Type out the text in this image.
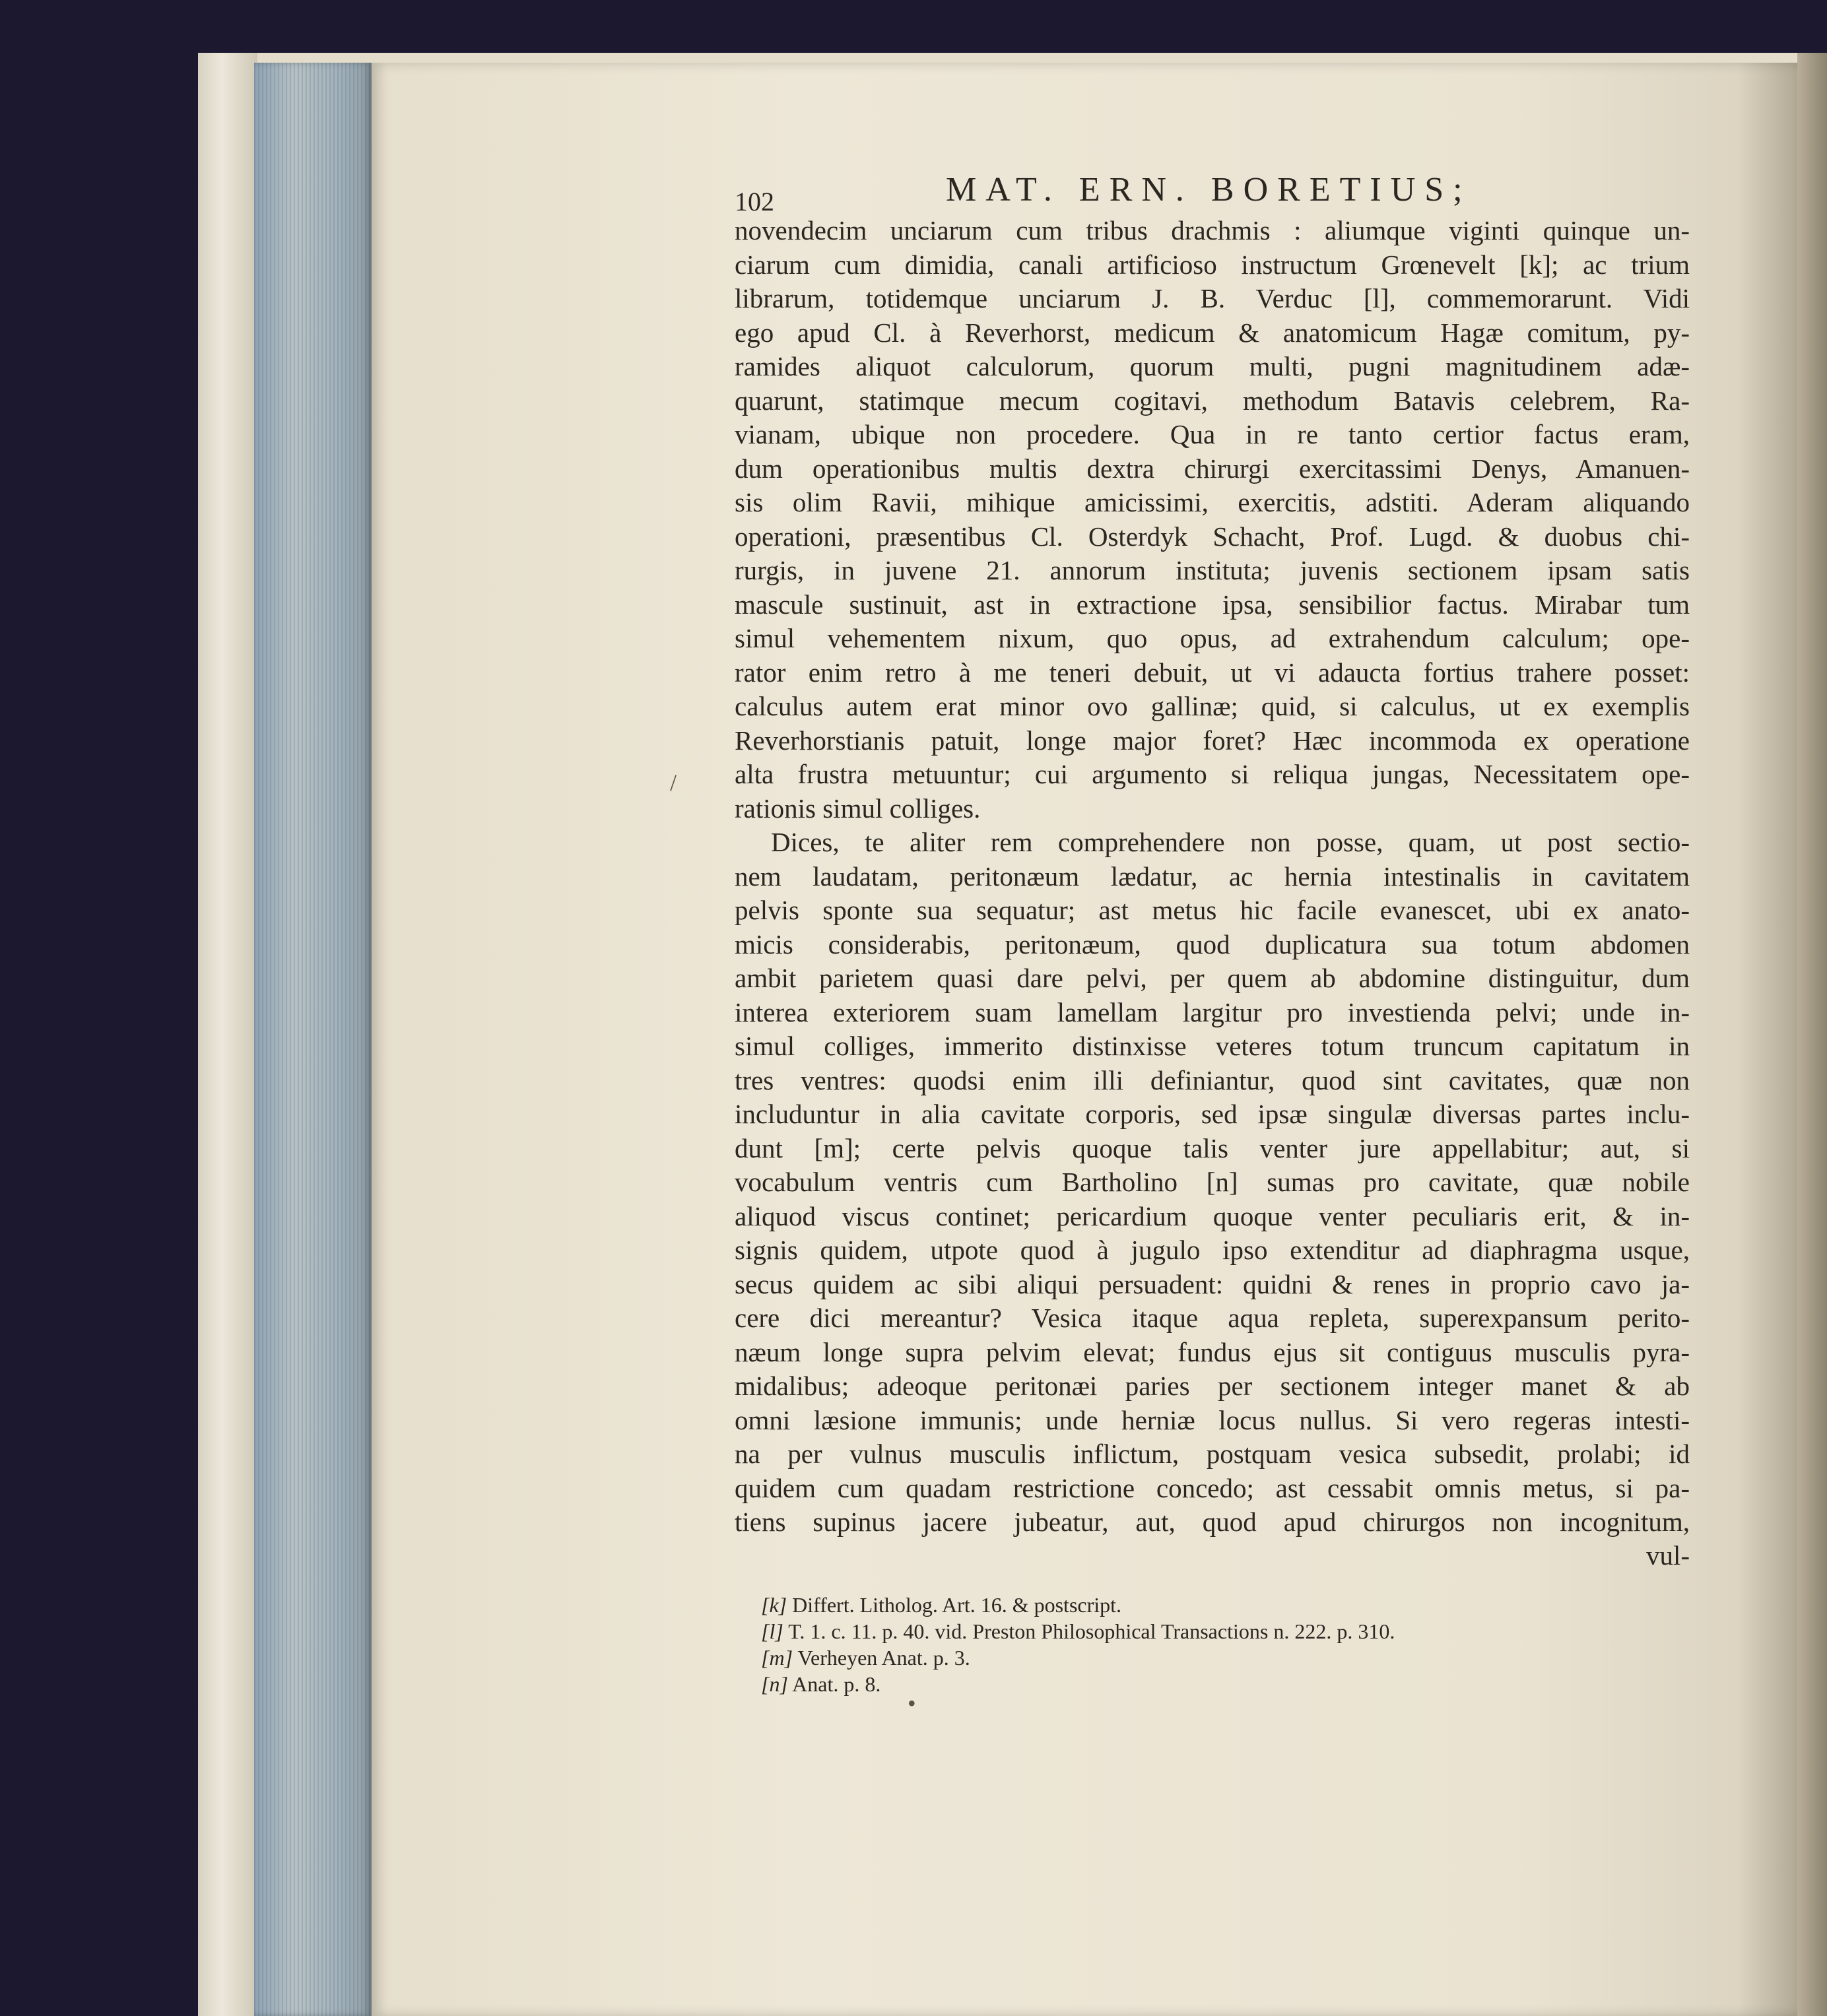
102	MAT. ERN. BORETIUS;
novendecim unciarum cum tribus drachmis : aliumque viginti quinque un-
ciarum cum dimidia, canali artificioso instructum Grœnevelt [k]; ac trium
librarum, totidemque unciarum J. B. Verduc [l], commemorarunt. Vidi
ego apud Cl. à Reverhorst, medicum & anatomicum Hagæ comitum, py-
ramides aliquot calculorum, quorum multi, pugni magnitudinem adæ-
quarunt, statimque mecum cogitavi, methodum Batavis celebrem, Ra-
vianam, ubique non procedere. Qua in re tanto certior factus eram,
dum operationibus multis dextra chirurgi exercitassimi Denys, Amanuen-
sis olim Ravii, mihique amicissimi, exercitis, adstiti. Aderam aliquando
operationi, præsentibus Cl. Osterdyk Schacht, Prof. Lugd. & duobus chi-
rurgis, in juvene 21. annorum instituta; juvenis sectionem ipsam satis
mascule sustinuit, ast in extractione ipsa, sensibilior factus. Mirabar tum
simul vehementem nixum, quo opus, ad extrahendum calculum; ope-
rator enim retro à me teneri debuit, ut vi adaucta fortius trahere posset:
calculus autem erat minor ovo gallinæ; quid, si calculus, ut ex exemplis
Reverhorstianis patuit, longe major foret? Hæc incommoda ex operatione
alta frustra metuuntur; cui argumento si reliqua jungas, Necessitatem ope-
rationis simul colliges.
Dices, te aliter rem comprehendere non posse, quam, ut post sectio-
nem laudatam, peritonæum lædatur, ac hernia intestinalis in cavitatem
pelvis sponte sua sequatur; ast metus hic facile evanescet, ubi ex anato-
micis considerabis, peritonæum, quod duplicatura sua totum abdomen
ambit parietem quasi dare pelvi, per quem ab abdomine distinguitur, dum
interea exteriorem suam lamellam largitur pro investienda pelvi; unde in-
simul colliges, immerito distinxisse veteres totum truncum capitatum in
tres ventres: quodsi enim illi definiantur, quod sint cavitates, quæ non
includuntur in alia cavitate corporis, sed ipsæ singulæ diversas partes inclu-
dunt [m]; certe pelvis quoque talis venter jure appellabitur; aut, si
vocabulum ventris cum Bartholino [n] sumas pro cavitate, quæ nobile
aliquod viscus continet; pericardium quoque venter peculiaris erit, & in-
signis quidem, utpote quod à jugulo ipso extenditur ad diaphragma usque,
secus quidem ac sibi aliqui persuadent: quidni & renes in proprio cavo ja-
cere dici mereantur? Vesica itaque aqua repleta, superexpansum perito-
næum longe supra pelvim elevat; fundus ejus sit contiguus musculis pyra-
midalibus; adeoque peritonæi paries per sectionem integer manet & ab
omni læsione immunis; unde herniæ locus nullus. Si vero regeras intesti-
na per vulnus musculis inflictum, postquam vesica subsedit, prolabi; id
quidem cum quadam restrictione concedo; ast cessabit omnis metus, si pa-
tiens supinus jacere jubeatur, aut, quod apud chirurgos non incognitum,
vul-
[k] Differt. Litholog. Art. 16. & postscript.
[l] T. 1. c. 11. p. 40. vid. Preston Philosophical Transactions n. 222. p. 310.
[m] Verheyen Anat. p. 3.
[n] Anat. p. 8.
/
•
